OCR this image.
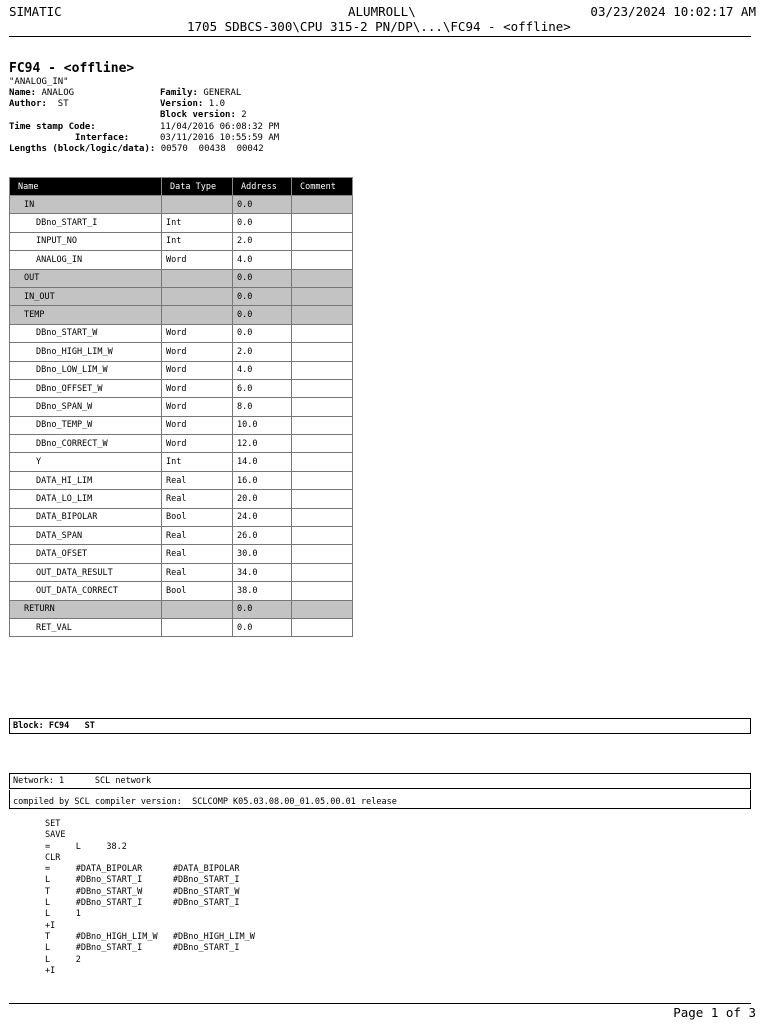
SIMATIC	ALUMROLL\
1705 SDBCS-300\CPU 315-2 PN/DP\...\FC94 - <offline>
03/23/2024 10:02:17 AM
FC94 - <offline>
"ANALOG_IN"
Name: ANALOG	Family: GENERAL
Author: ST	Version: 1.0
Block version: 2
Time stamp Code:	11/04/2016 06:08:32 PM
Interface:	03/11/2016 10:55:59 AM
Lengths (block/logic/data): 00570  00438  00042
Name	Data Type	Address	Comment
IN		0.0	
DBno_START_I	Int	0.0	
INPUT_NO	Int	2.0	
ANALOG_IN	Word	4.0	
OUT		0.0	
IN_OUT		0.0	
TEMP		0.0	
DBno_START_W	Word	0.0	
DBno_HIGH_LIM_W	Word	2.0	
DBno_LOW_LIM_W	Word	4.0	
DBno_OFFSET_W	Word	6.0	
DBno_SPAN_W	Word	8.0	
DBno_TEMP_W	Word	10.0	
DBno_CORRECT_W	Word	12.0	
Y	Int	14.0	
DATA_HI_LIM	Real	16.0	
DATA_LO_LIM	Real	20.0	
DATA_BIPOLAR	Bool	24.0	
DATA_SPAN	Real	26.0	
DATA_OFSET	Real	30.0	
OUT_DATA_RESULT	Real	34.0	
OUT_DATA_CORRECT	Bool	38.0	
RETURN		0.0	
RET_VAL		0.0	
Block: FC94   ST
Network: 1      SCL network
compiled by SCL compiler version:  SCLCOMP K05.03.08.00_01.05.00.01 release
SET
SAVE
=     L     38.2
CLR
=     #DATA_BIPOLAR      #DATA_BIPOLAR
L     #DBno_START_I      #DBno_START_I
T     #DBno_START_W      #DBno_START_W
L     #DBno_START_I      #DBno_START_I
L     1
+I
T     #DBno_HIGH_LIM_W   #DBno_HIGH_LIM_W
L     #DBno_START_I      #DBno_START_I
L     2
+I
Page 1 of 3
